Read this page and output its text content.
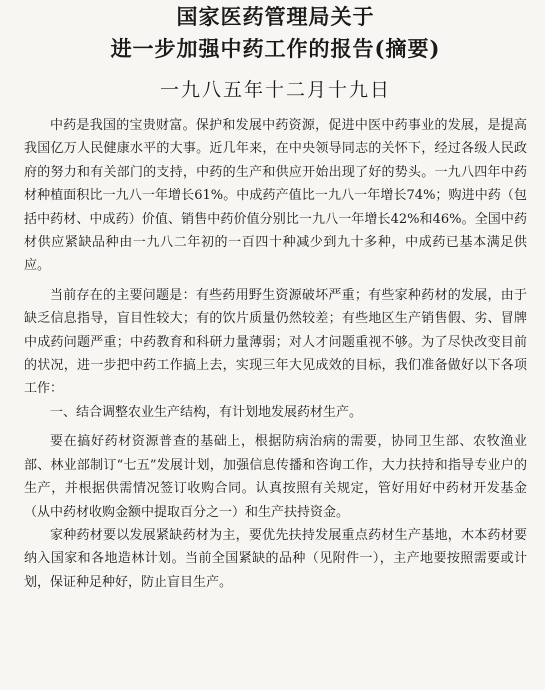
国家医药管理局关于
进一步加强中药工作的报告(摘要)
一九八五年十二月十九日

中药是我国的宝贵财富。保护和发展中药资源，促进中医中药事业的发展，是提高我国亿万人民健康水平的大事。近几年来，在中央领导同志的关怀下，经过各级人民政府的努力和有关部门的支持，中药的生产和供应开始出现了好的势头。一九八四年中药材种植面积比一九八一年增长61%。中成药产值比一九八一年增长74%；购进中药（包括中药材、中成药）价值、销售中药价值分别比一九八一年增长42%和46%。全国中药材供应紧缺品种由一九八二年初的一百四十种减少到九十多种，中成药已基本满足供应。

当前存在的主要问题是：有些药用野生资源破坏严重；有些家种药材的发展，由于缺乏信息指导，盲目性较大；有的饮片质量仍然较差；有些地区生产销售假、劣、冒牌中成药问题严重；中药教育和科研力量薄弱；对人才问题重视不够。为了尽快改变目前的状况，进一步把中药工作搞上去，实现三年大见成效的目标，我们准备做好以下各项工作：

一、结合调整农业生产结构，有计划地发展药材生产。

要在搞好药材资源普查的基础上，根据防病治病的需要，协同卫生部、农牧渔业部、林业部制订“七五”发展计划，加强信息传播和咨询工作，大力扶持和指导专业户的生产，并根据供需情况签订收购合同。认真按照有关规定，管好用好中药材开发基金（从中药材收购金额中提取百分之一）和生产扶持资金。

家种药材要以发展紧缺药材为主，要优先扶持发展重点药材生产基地，木本药材要纳入国家和各地造林计划。当前全国紧缺的品种（见附件一），主产地要按照需要或计划，保证种足种好，防止盲目生产。
